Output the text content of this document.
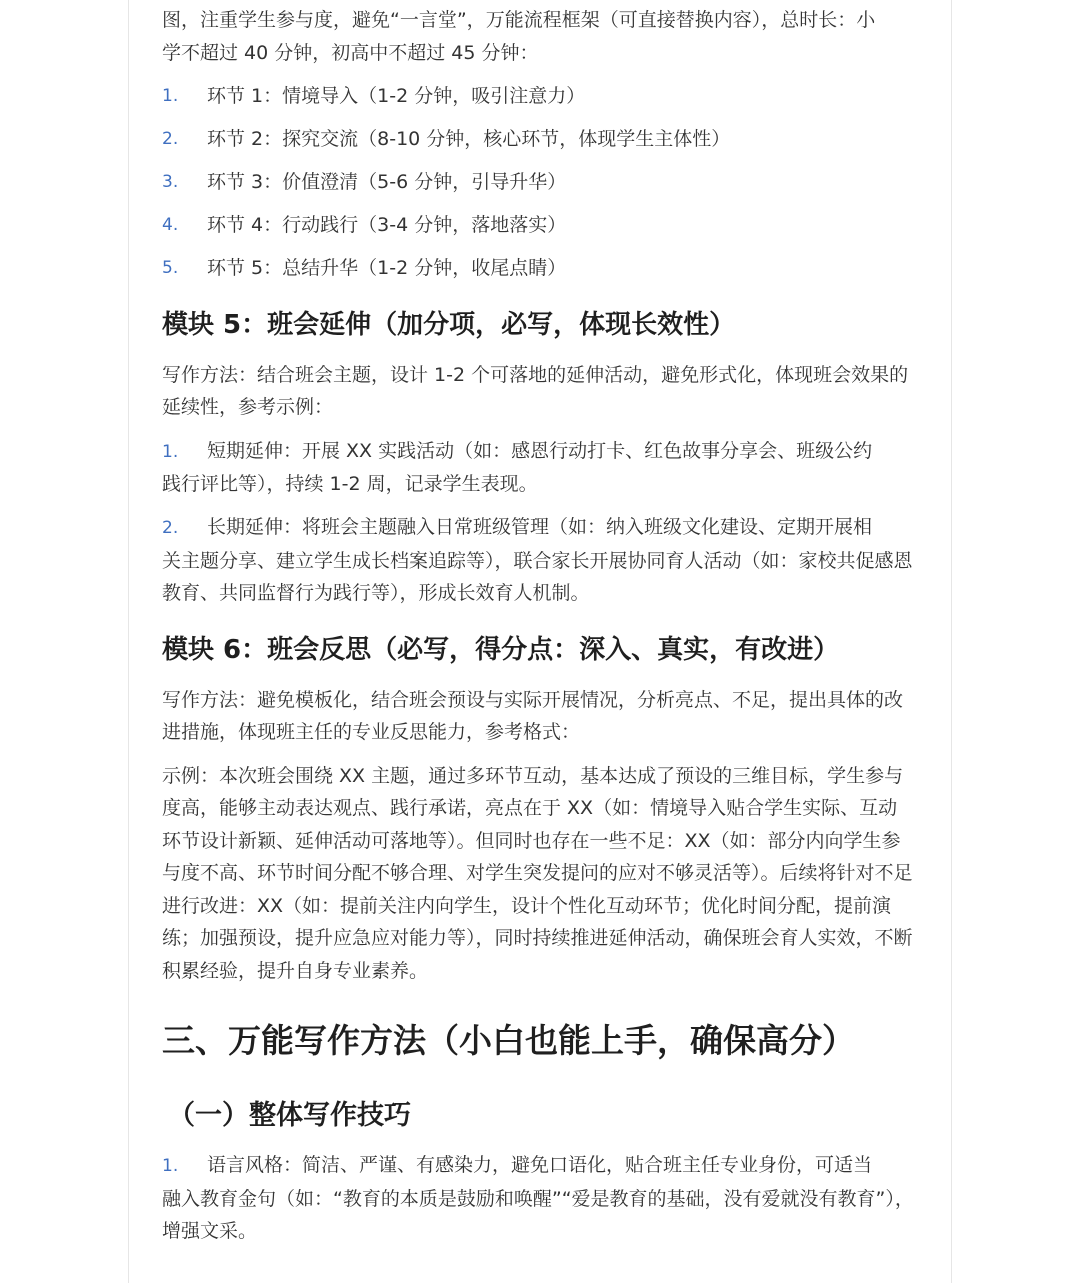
图，注重学生参与度，避免“一言堂”，万能流程框架（可直接替换内容），总时长：小
学不超过 40 分钟，初高中不超过 45 分钟：
1. 环节 1：情境导入（1-2 分钟，吸引注意力）
2. 环节 2：探究交流（8-10 分钟，核心环节，体现学生主体性）
3. 环节 3：价值澄清（5-6 分钟，引导升华）
4. 环节 4：行动践行（3-4 分钟，落地落实）
5. 环节 5：总结升华（1-2 分钟，收尾点睛）
模块 5：班会延伸（加分项，必写，体现长效性）
写作方法：结合班会主题，设计 1-2 个可落地的延伸活动，避免形式化，体现班会效果的延续性，参考示例：
1. 短期延伸：开展 XX 实践活动（如：感恩行动打卡、红色故事分享会、班级公约
践行评比等），持续 1-2 周，记录学生表现。
2. 长期延伸：将班会主题融入日常班级管理（如：纳入班级文化建设、定期开展相
关主题分享、建立学生成长档案追踪等），联合家长开展协同育人活动（如：家校共促感恩教育、共同监督行为践行等），形成长效育人机制。
模块 6：班会反思（必写，得分点：深入、真实，有改进）
写作方法：避免模板化，结合班会预设与实际开展情况，分析亮点、不足，提出具体的改进措施，体现班主任的专业反思能力，参考格式：
示例：本次班会围绕 XX 主题，通过多环节互动，基本达成了预设的三维目标，学生参与度高，能够主动表达观点、践行承诺，亮点在于 XX（如：情境导入贴合学生实际、互动环节设计新颖、延伸活动可落地等）。但同时也存在一些不足：XX（如：部分内向学生参与度不高、环节时间分配不够合理、对学生突发提问的应对不够灵活等）。后续将针对不足进行改进：XX（如：提前关注内向学生，设计个性化互动环节；优化时间分配，提前演练；加强预设，提升应急应对能力等），同时持续推进延伸活动，确保班会育人实效，不断积累经验，提升自身专业素养。
三、万能写作方法（小白也能上手，确保高分）
（一）整体写作技巧
1. 语言风格：简洁、严谨、有感染力，避免口语化，贴合班主任专业身份，可适当
融入教育金句（如：“教育的本质是鼓励和唤醒”“爱是教育的基础，没有爱就没有教育”），增强文采。
